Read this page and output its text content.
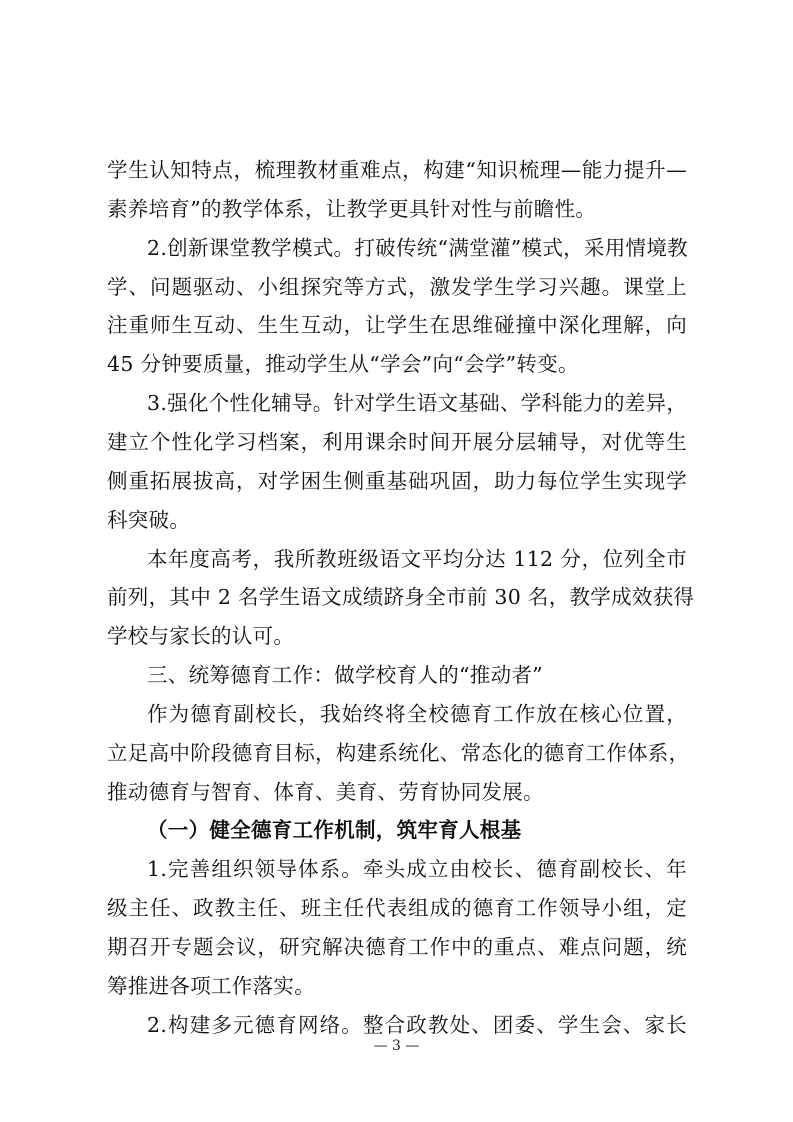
学生认知特点，梳理教材重难点，构建“知识梳理—能力提升—
素养培育”的教学体系，让教学更具针对性与前瞻性。
2.创新课堂教学模式。打破传统“满堂灌”模式，采用情境教
学、问题驱动、小组探究等方式，激发学生学习兴趣。课堂上
注重师生互动、生生互动，让学生在思维碰撞中深化理解，向
45 分钟要质量，推动学生从“学会”向“会学”转变。
3.强化个性化辅导。针对学生语文基础、学科能力的差异，
建立个性化学习档案，利用课余时间开展分层辅导，对优等生
侧重拓展拔高，对学困生侧重基础巩固，助力每位学生实现学
科突破。
本年度高考，我所教班级语文平均分达 112 分，位列全市
前列，其中 2 名学生语文成绩跻身全市前 30 名，教学成效获得
学校与家长的认可。
三、统筹德育工作：做学校育人的“推动者”
作为德育副校长，我始终将全校德育工作放在核心位置，
立足高中阶段德育目标，构建系统化、常态化的德育工作体系，
推动德育与智育、体育、美育、劳育协同发展。
（一）健全德育工作机制，筑牢育人根基
1.完善组织领导体系。牵头成立由校长、德育副校长、年
级主任、政教主任、班主任代表组成的德育工作领导小组，定
期召开专题会议，研究解决德育工作中的重点、难点问题，统
— 3 —
筹推进各项工作落实。
2.构建多元德育网络。整合政教处、团委、学生会、家长
